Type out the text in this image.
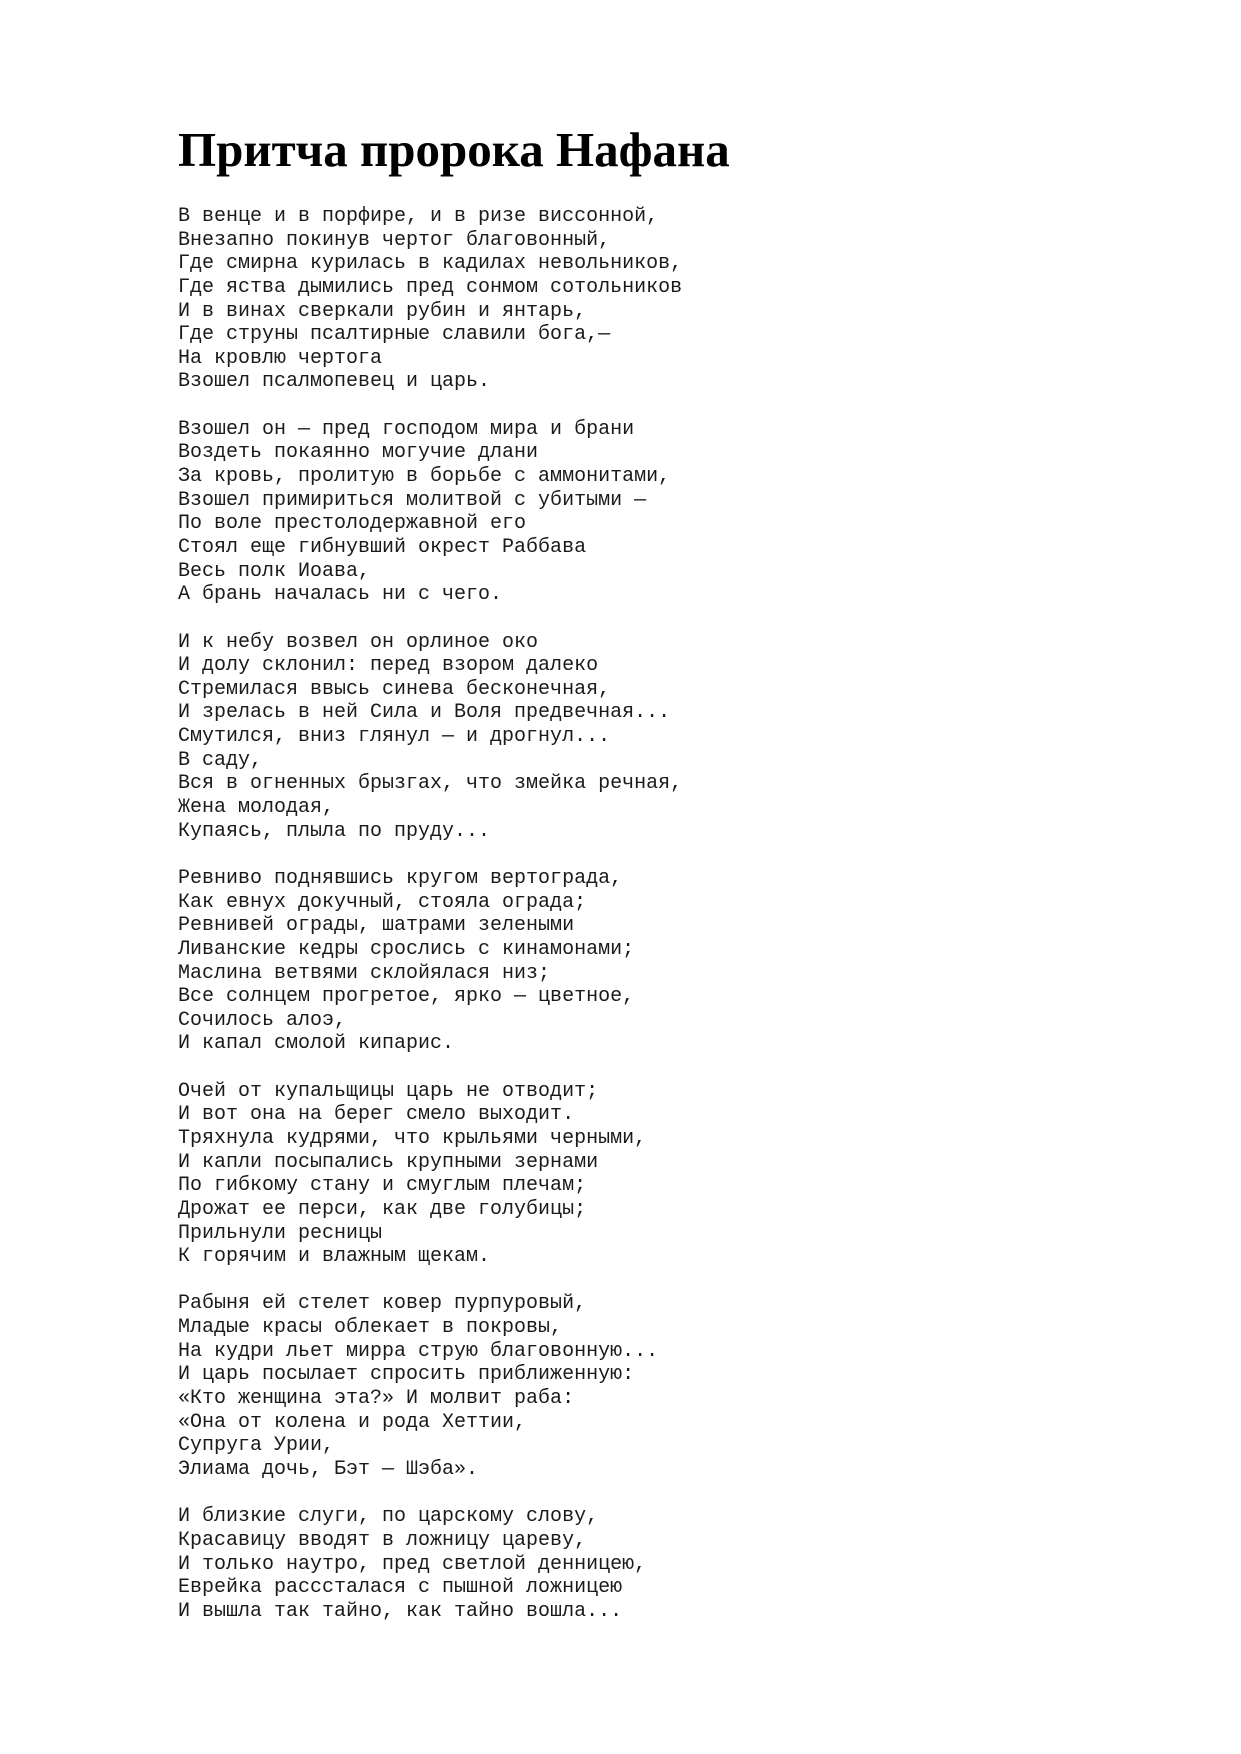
Притча пророка Нафана
В венце и в порфире, и в ризе виссонной,
Внезапно покинув чертог благовонный,
Где смирна курилась в кадилах невольников,
Где яства дымились пред сонмом сотольников
И в винах сверкали рубин и янтарь,
Где струны псалтирные славили бога,—
На кровлю чертога
Взошел псалмопевец и царь.
Взошел он — пред господом мира и брани
Воздеть покаянно могучие длани
За кровь, пролитую в борьбе с аммонитами,
Взошел примириться молитвой с убитыми —
По воле престолодержавной его
Стоял еще гибнувший окрест Раббава
Весь полк Иоава,
А брань началась ни с чего.
И к небу возвел он орлиное око
И долу склонил: перед взором далеко
Стремилася ввысь синева бесконечная,
И зрелась в ней Сила и Воля предвечная...
Смутился, вниз глянул — и дрогнул...
В саду,
Вся в огненных брызгах, что змейка речная,
Жена молодая,
Купаясь, плыла по пруду...
Ревниво поднявшись кругом вертограда,
Как евнух докучный, стояла ограда;
Ревнивей ограды, шатрами зелеными
Ливанские кедры срослись с кинамонами;
Маслина ветвями склойялася низ;
Все солнцем прогретое, ярко — цветное,
Сочилось алоэ,
И капал смолой кипарис.
Очей от купальщицы царь не отводит;
И вот она на берег смело выходит.
Тряхнула кудрями, что крыльями черными,
И капли посыпались крупными зернами
По гибкому стану и смуглым плечам;
Дрожат ее перси, как две голубицы;
Прильнули ресницы
К горячим и влажным щекам.
Рабыня ей стелет ковер пурпуровый,
Младые красы облекает в покровы,
На кудри льет мирра струю благовонную...
И царь посылает спросить приближенную:
«Кто женщина эта?» И молвит раба:
«Она от колена и рода Хеттии,
Супруга Урии,
Элиама дочь, Бэт — Шэба».
И близкие слуги, по царскому слову,
Красавицу вводят в ложницу цареву,
И только наутро, пред светлой денницею,
Еврейка расссталася с пышной ложницею
И вышла так тайно, как тайно вошла...
